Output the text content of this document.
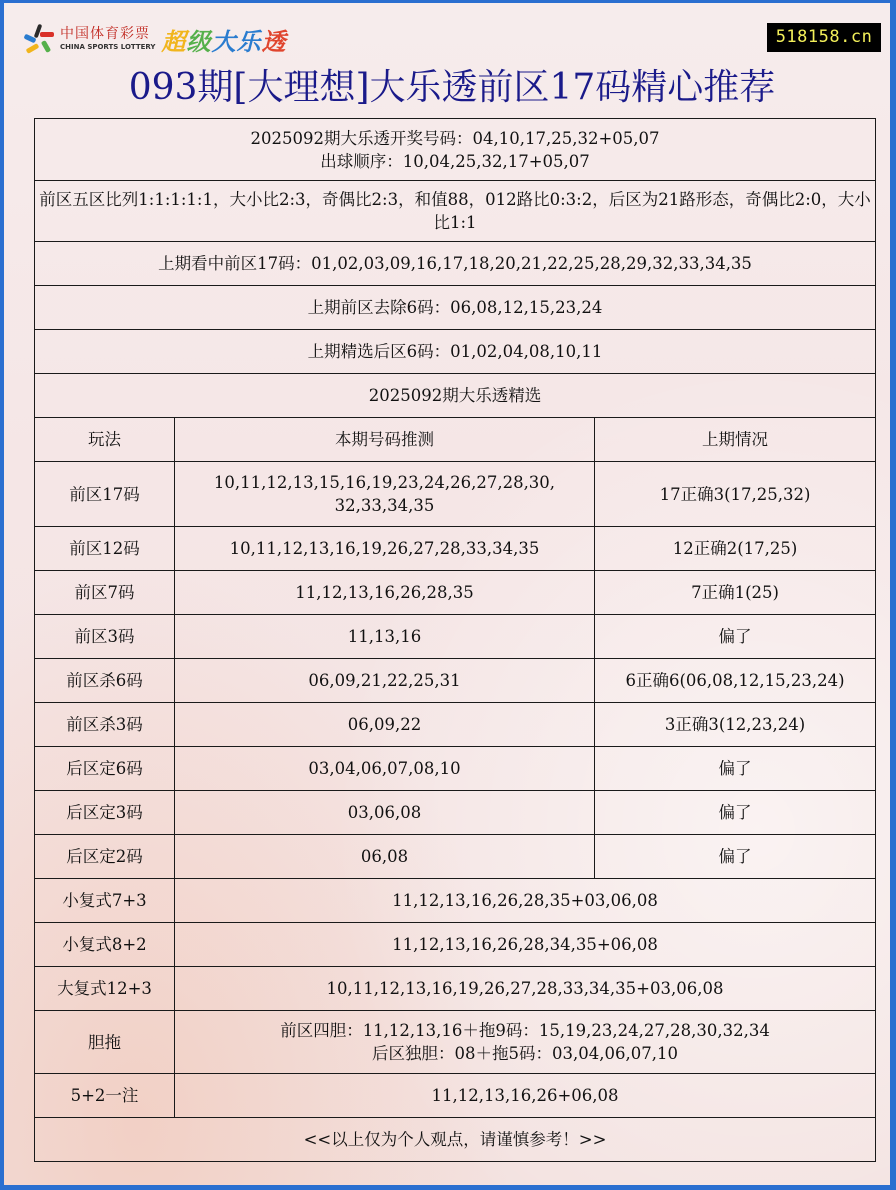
中国体育彩票
CHINA SPORTS LOTTERY 超级大乐透	518158.cn
093期[大理想]大乐透前区17码精心推荐
2025092期大乐透开奖号码：04,10,17,25,32+05,07
出球顺序：10,04,25,32,17+05,07		

前区五区比列1:1:1:1:1，大小比2:3，奇偶比2:3，和值88，012路比0:3:2，后区为21路形态，奇偶比2:0，大小比1:1		
上期看中前区17码：01,02,03,09,16,17,18,20,21,22,25,28,29,32,33,34,35		
上期前区去除6码：06,08,12,15,23,24		
上期精选后区6码：01,02,04,08,10,11		
2025092期大乐透精选		
玩法	本期号码推测	上期情况
前区17码	10,11,12,13,15,16,19,23,24,26,27,28,30,
32,33,34,35	17正确3(17,25,32)
前区12码	10,11,12,13,16,19,26,27,28,33,34,35	12正确2(17,25)
前区7码	11,12,13,16,26,28,35	7正确1(25)
前区3码	11,13,16	偏了
前区杀6码	06,09,21,22,25,31	6正确6(06,08,12,15,23,24)
前区杀3码	06,09,22	3正确3(12,23,24)
后区定6码	03,04,06,07,08,10	偏了
后区定3码	03,06,08	偏了
后区定2码	06,08	偏了
小复式7+3	11,12,13,16,26,28,35+03,06,08	
小复式8+2	11,12,13,16,26,28,34,35+06,08	
大复式12+3	10,11,12,13,16,19,26,27,28,33,34,35+03,06,08	
胆拖	前区四胆：11,12,13,16＋拖9码：15,19,23,24,27,28,30,32,34
后区独胆：08＋拖5码：03,04,06,07,10	

5+2一注	11,12,13,16,26+06,08	
<<以上仅为个人观点，请谨慎参考！>>		
